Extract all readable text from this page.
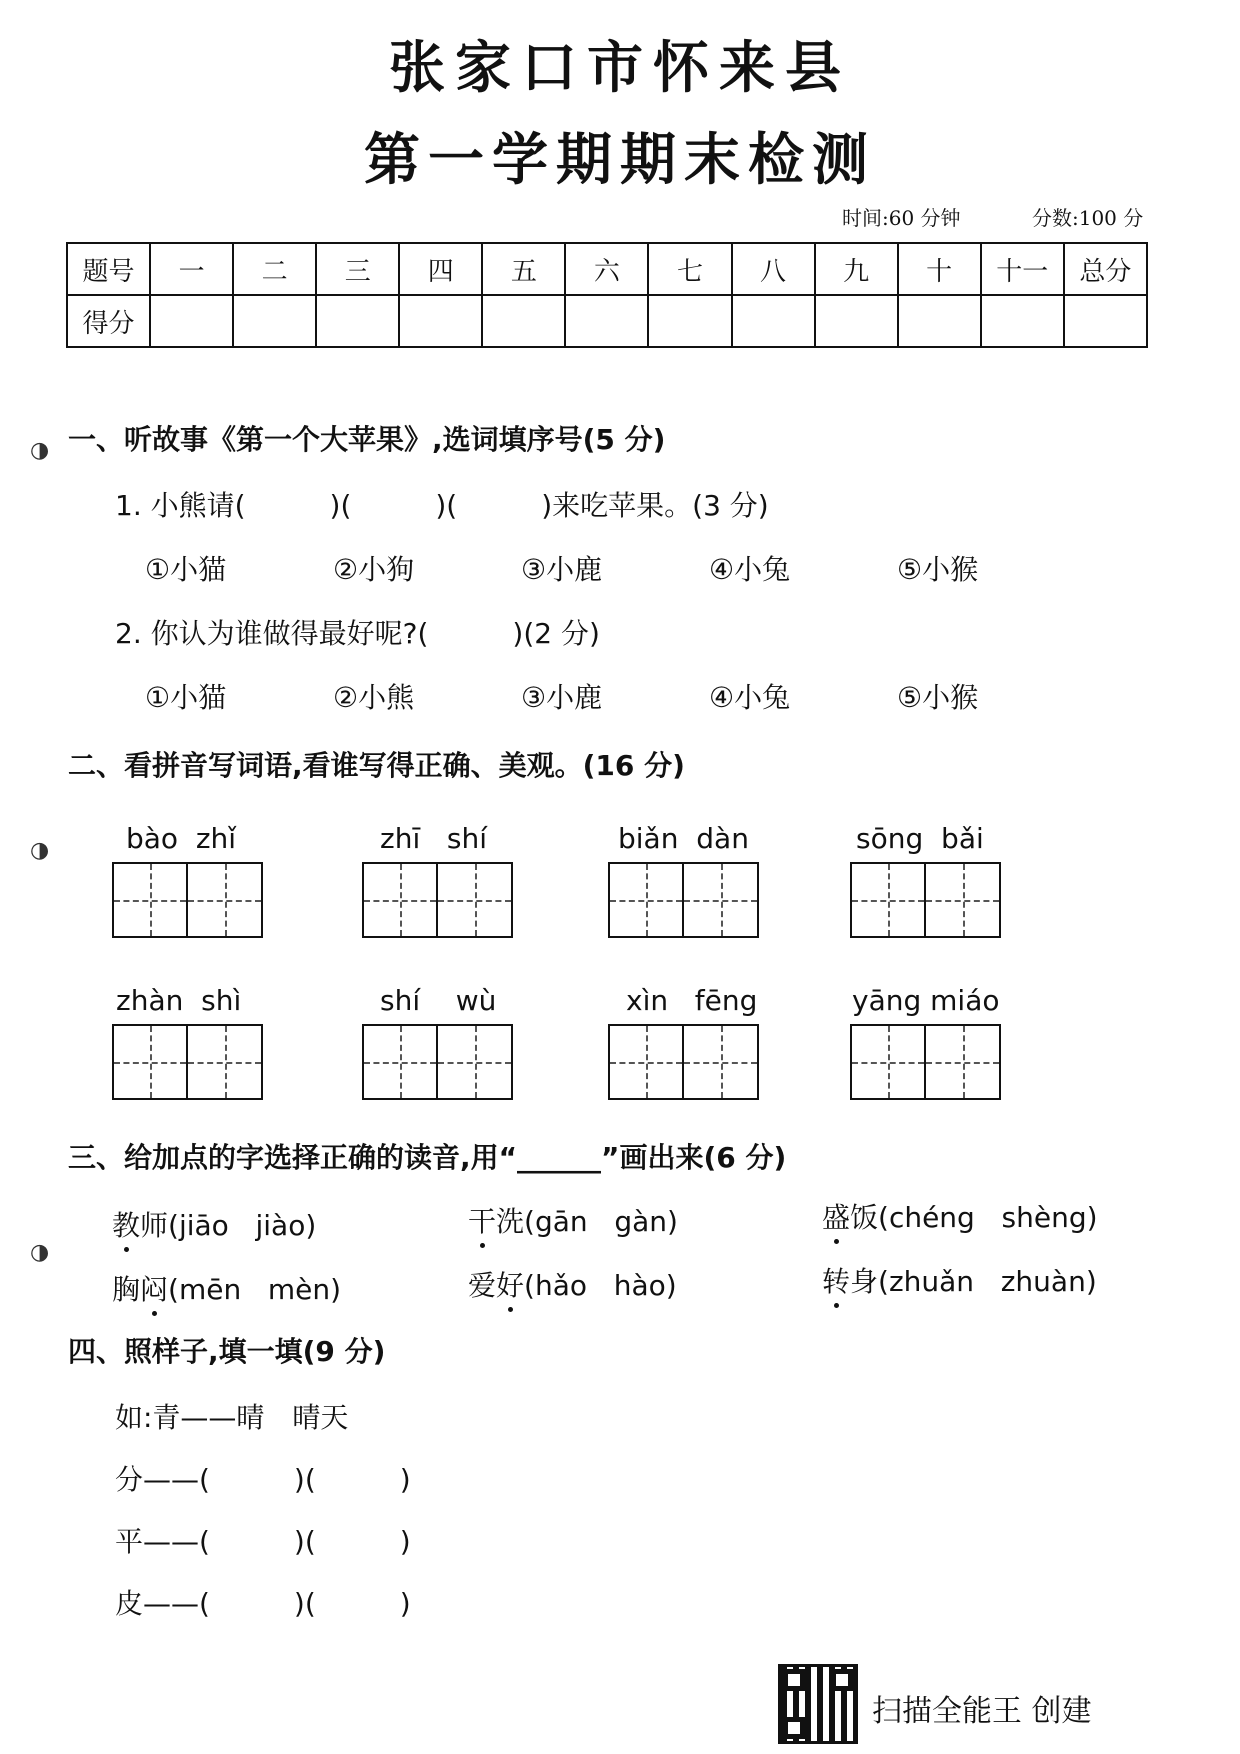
张家口市怀来县
第一学期期末检测
时间:60 分钟	分数:100 分
题号	一	二	三	四	五	六	七	八	九	十	十一	总分
得分												
一、听故事《第一个大苹果》,选词填序号(5 分)
1. 小熊请(　　　)(　　　)(　　　)来吃苹果。(3 分)
①小猫	②小狗	③小鹿	④小兔	⑤小猴
2. 你认为谁做得最好呢?(　　　)(2 分)
①小猫	②小熊	③小鹿	④小兔	⑤小猴
二、看拼音写词语,看谁写得正确、美观。(16 分)
bào  zhǐ	zhī   shí	biǎn  dàn	sōng  bǎi
zhàn  shì	shí    wù	xìn   fēng	yāng miáo
三、给加点的字选择正确的读音,用“______”画出来(6 分)
教师(jiāo   jiào)	干洗(gān   gàn)	盛饭(chéng   shèng)
胸闷(mēn   mèn)	爱好(hǎo   hào)	转身(zhuǎn   zhuàn)
四、照样子,填一填(9 分)
如:青——晴　晴天
分——(　　　)(　　　)
平——(　　　)(　　　)
皮——(　　　)(　　　)
◑
◑
◑
扫描全能王 创建
